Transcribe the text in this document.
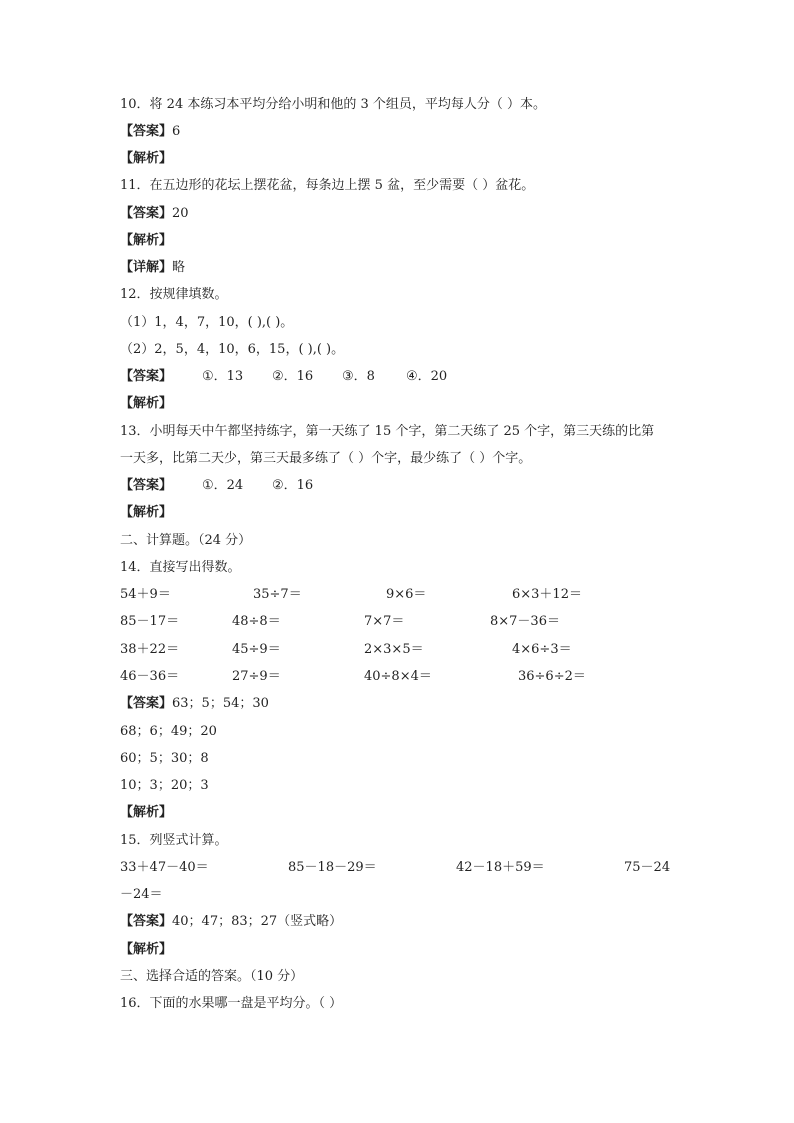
10．将 24 本练习本平均分给小明和他的 3 个组员，平均每人分（ ）本。
【答案】6
【解析】
11．在五边形的花坛上摆花盆，每条边上摆 5 盆，至少需要（ ）盆花。
【答案】20
【解析】
【详解】略
12．按规律填数。
（1）1，4，7，10，( ),( )。
（2）2，5，4，10，6，15，( ),( )。
【答案】 ①．13 ②．16 ③．8 ④．20
【解析】
13．小明每天中午都坚持练字，第一天练了 15 个字，第二天练了 25 个字，第三天练的比第
一天多，比第二天少，第三天最多练了（ ）个字，最少练了（ ）个字。
【答案】 ①．24 ②．16
【解析】
二、计算题。（24 分）
14．直接写出得数。
54＋9＝	35÷7＝	9×6＝	6×3＋12＝
85－17＝	48÷8＝	7×7＝	8×7－36＝
38＋22＝	45÷9＝	2×3×5＝	4×6÷3＝
46－36＝	27÷9＝	40÷8×4＝	36÷6÷2＝
【答案】63；5；54；30
68；6；49；20
60；5；30；8
10；3；20；3
【解析】
15．列竖式计算。
33＋47－40＝	85－18－29＝	42－18＋59＝	75－24
－24＝
【答案】40；47；83；27（竖式略）
【解析】
三、选择合适的答案。（10 分）
16．下面的水果哪一盘是平均分。（ ）
